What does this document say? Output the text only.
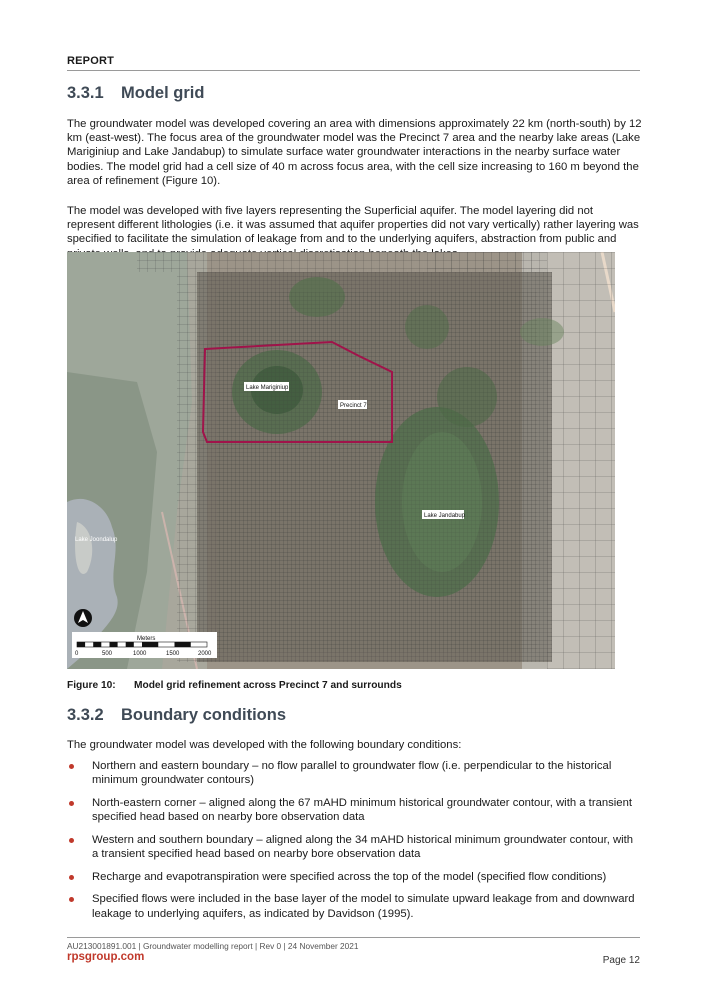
REPORT
3.3.1 Model grid
The groundwater model was developed covering an area with dimensions approximately 22 km (north-south) by 12 km (east-west). The focus area of the groundwater model was the Precinct 7 area and the nearby lake areas (Lake Mariginiup and Lake Jandabup) to simulate surface water groundwater interactions in the nearby surface water bodies. The model grid had a cell size of 40 m across focus area, with the cell size increasing to 160 m beyond the area of refinement (Figure 10).
The model was developed with five layers representing the Superficial aquifer. The model layering did not represent different lithologies (i.e. it was assumed that aquifer properties did not vary vertically) rather layering was specified to facilitate the simulation of leakage from and to the underlying aquifers, abstraction from public and
Lake Mariginiup
Precinct 7
Lake Jandabup
Lake Joondalup
Meters
0	500	1000	1500	2000
Figure 10: Model grid refinement across Precinct 7 and surrounds
3.3.2 Boundary conditions
The groundwater model was developed with the following boundary conditions:
Northern and eastern boundary – no flow parallel to groundwater flow (i.e. perpendicular to the historical minimum groundwater contours)
North-eastern corner – aligned along the 67 mAHD minimum historical groundwater contour, with a transient specified head based on nearby bore observation data
Western and southern boundary – aligned along the 34 mAHD historical minimum groundwater contour, with a transient specified head based on nearby bore observation data
Recharge and evapotranspiration were specified across the top of the model (specified flow conditions)
Specified flows were included in the base layer of the model to simulate upward leakage from and downward leakage to underlying aquifers, as indicated by Davidson (1995).
AU213001891.001 | Groundwater modelling report | Rev 0 | 24 November 2021
rpsgroup.com	Page 12
